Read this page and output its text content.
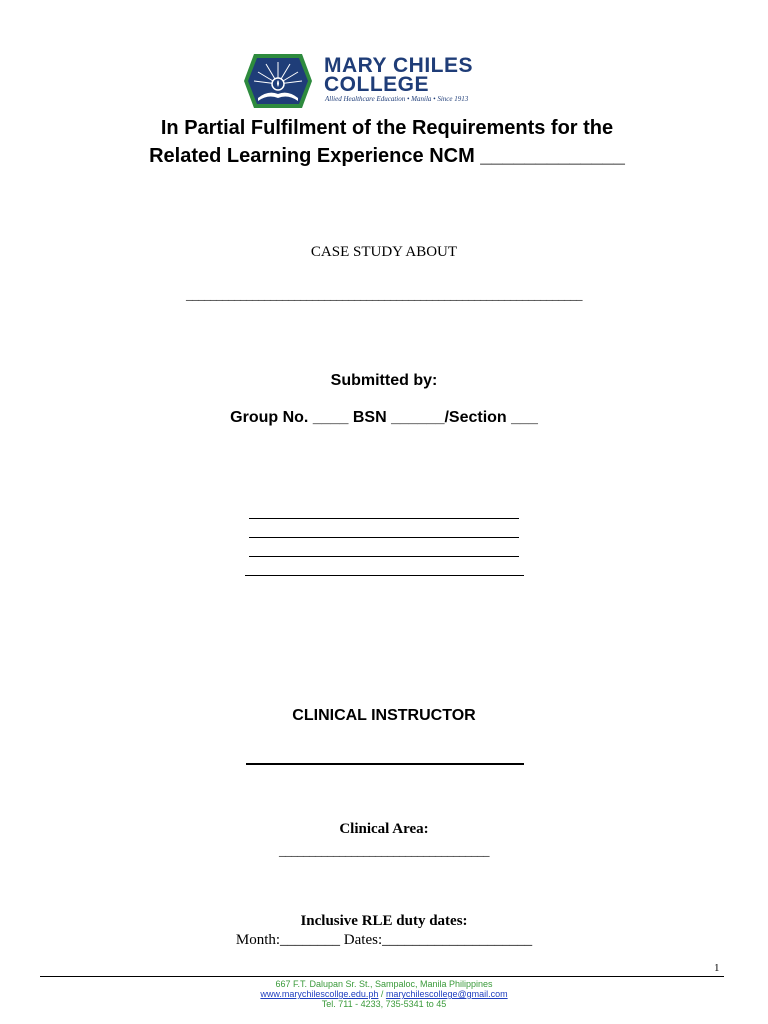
MARY CHILES
COLLEGE
Allied Healthcare Education • Manila • Since 1913
In Partial Fulfilment of the Requirements for the
Related Learning Experience NCM _____________
CASE STUDY ABOUT
__________________________________________________________________
Submitted by:
Group No. ____ BSN ______/Section ___
CLINICAL INSTRUCTOR
Clinical Area:
___________________________________
Inclusive RLE duty dates:
Month:________ Dates:____________________
1
667 F.T. Dalupan Sr. St., Sampaloc, Manila Philippines
www.marychilescollge.edu.ph / marychilescollege@gmail.com
Tel. 711 - 4233, 735-5341 to 45
